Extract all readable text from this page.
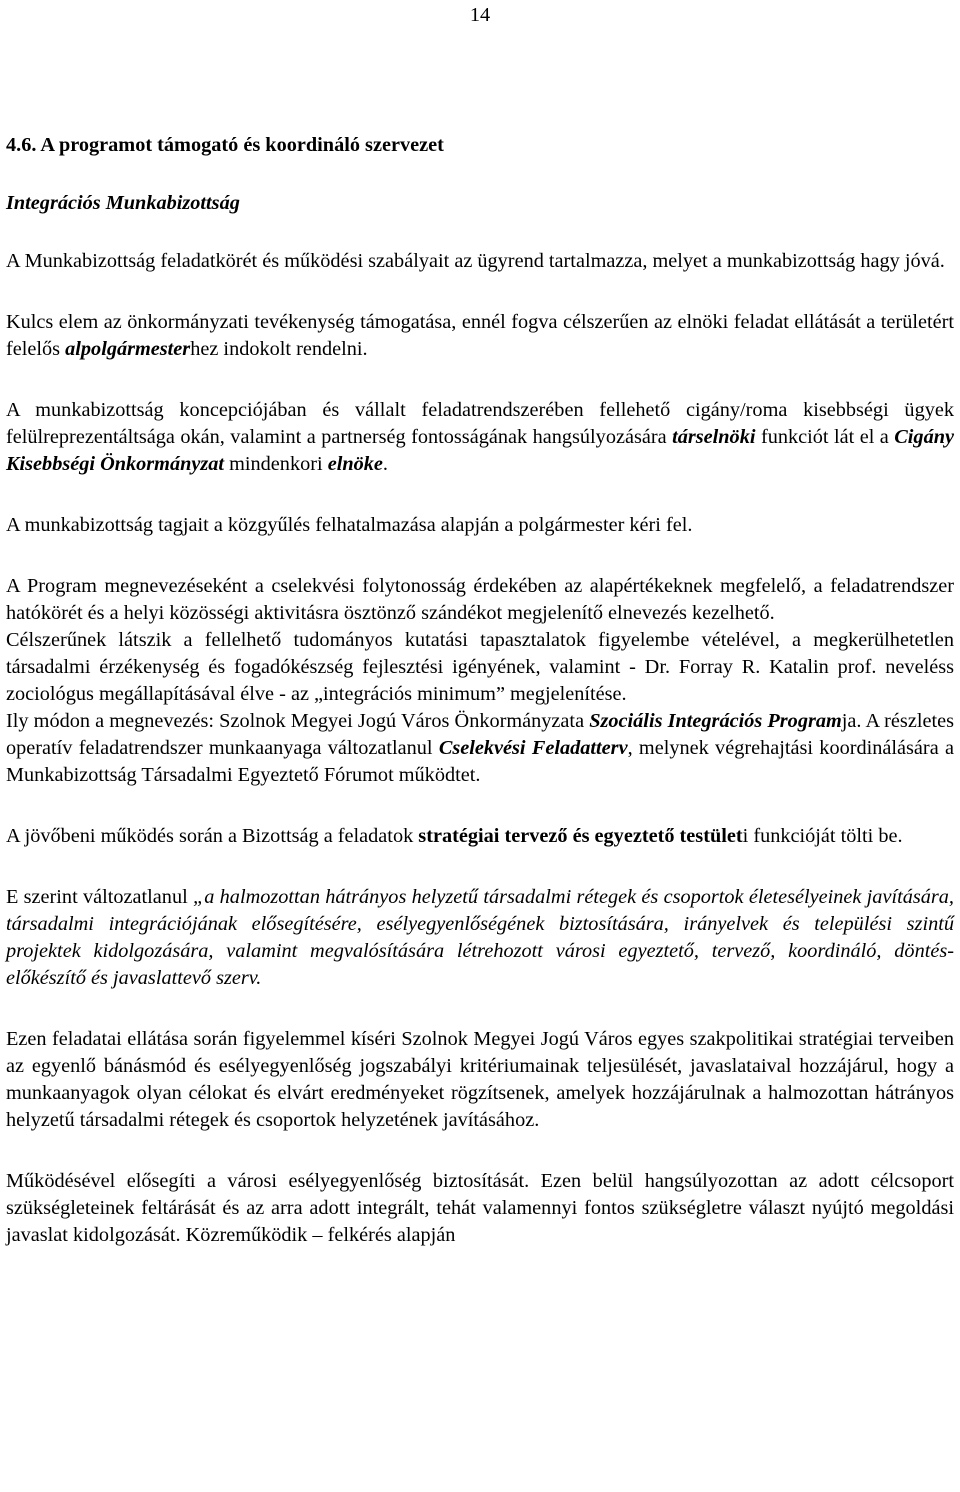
14
4.6. A programot támogató és koordináló szervezet
Integrációs Munkabizottság

A Munkabizottság feladatkörét és működési szabályait az ügyrend tartalmazza, melyet a munkabizottság hagy jóvá.

Kulcs elem az önkormányzati tevékenység támogatása, ennél fogva célszerűen az elnöki feladat ellátását a területért felelős alpolgármesterhez indokolt rendelni.

A munkabizottság koncepciójában és vállalt feladatrendszerében fellehető cigány/roma kisebbségi ügyek felülreprezentáltsága okán, valamint a partnerség fontosságának hangsúlyozására társelnöki funkciót lát el a Cigány Kisebbségi Önkormányzat mindenkori elnöke.

A munkabizottság tagjait a közgyűlés felhatalmazása alapján a polgármester kéri fel.

A Program megnevezéseként a cselekvési folytonosság érdekében az alapértékeknek megfelelő, a feladatrendszer hatókörét és a helyi közösségi aktivitásra ösztönző szándékot megjelenítő elnevezés kezelhető.

Célszerűnek látszik a fellelhető tudományos kutatási tapasztalatok figyelembe vételével, a megkerülhetetlen társadalmi érzékenység és fogadókészség fejlesztési igényének, valamint - Dr. Forray R. Katalin prof. neveléss​zociológus megállapításával élve - az „integrációs minimum” megjelenítése.

Ily módon a megnevezés: Szolnok Megyei Jogú Város Önkormányzata Szociális Integrációs Programja. A részletes operatív feladatrendszer munkaanyaga változatlanul Cselekvési Feladatterv, melynek végrehajtási koordinálására a Munkabizottság Társadalmi Egyeztető Fórumot működtet.

A jövőbeni működés során a Bizottság a feladatok stratégiai tervező és egyeztető testületi funkcióját tölti be.

E szerint változatlanul „a halmozottan hátrányos helyzetű társadalmi rétegek és csoportok életesélyeinek javítására, társadalmi integrációjának elősegítésére, esélyegyenlőségének biztosítására, irányelvek és települési szintű projektek kidolgozására, valamint megvalósítására létrehozott városi egyeztető, tervező, koordináló, döntés-előkészítő és javaslattevő szerv.

Ezen feladatai ellátása során figyelemmel kíséri Szolnok Megyei Jogú Város egyes szakpolitikai stratégiai terveiben az egyenlő bánásmód és esélyegyenlőség jogszabályi kritériumainak teljesülését, javaslataival hozzájárul, hogy a munkaanyagok olyan célokat és elvárt eredményeket rögzítsenek, amelyek hozzájárulnak a halmozottan hátrányos helyzetű társadalmi rétegek és csoportok helyzetének javításához.

Működésével elősegíti a városi esélyegyenlőség biztosítását. Ezen belül hangsúlyozottan az adott célcsoport szükségleteinek feltárását és az arra adott integrált, tehát valamennyi fontos szükségletre választ nyújtó megoldási javaslat kidolgozását. Közreműködik – felkérés alapján
